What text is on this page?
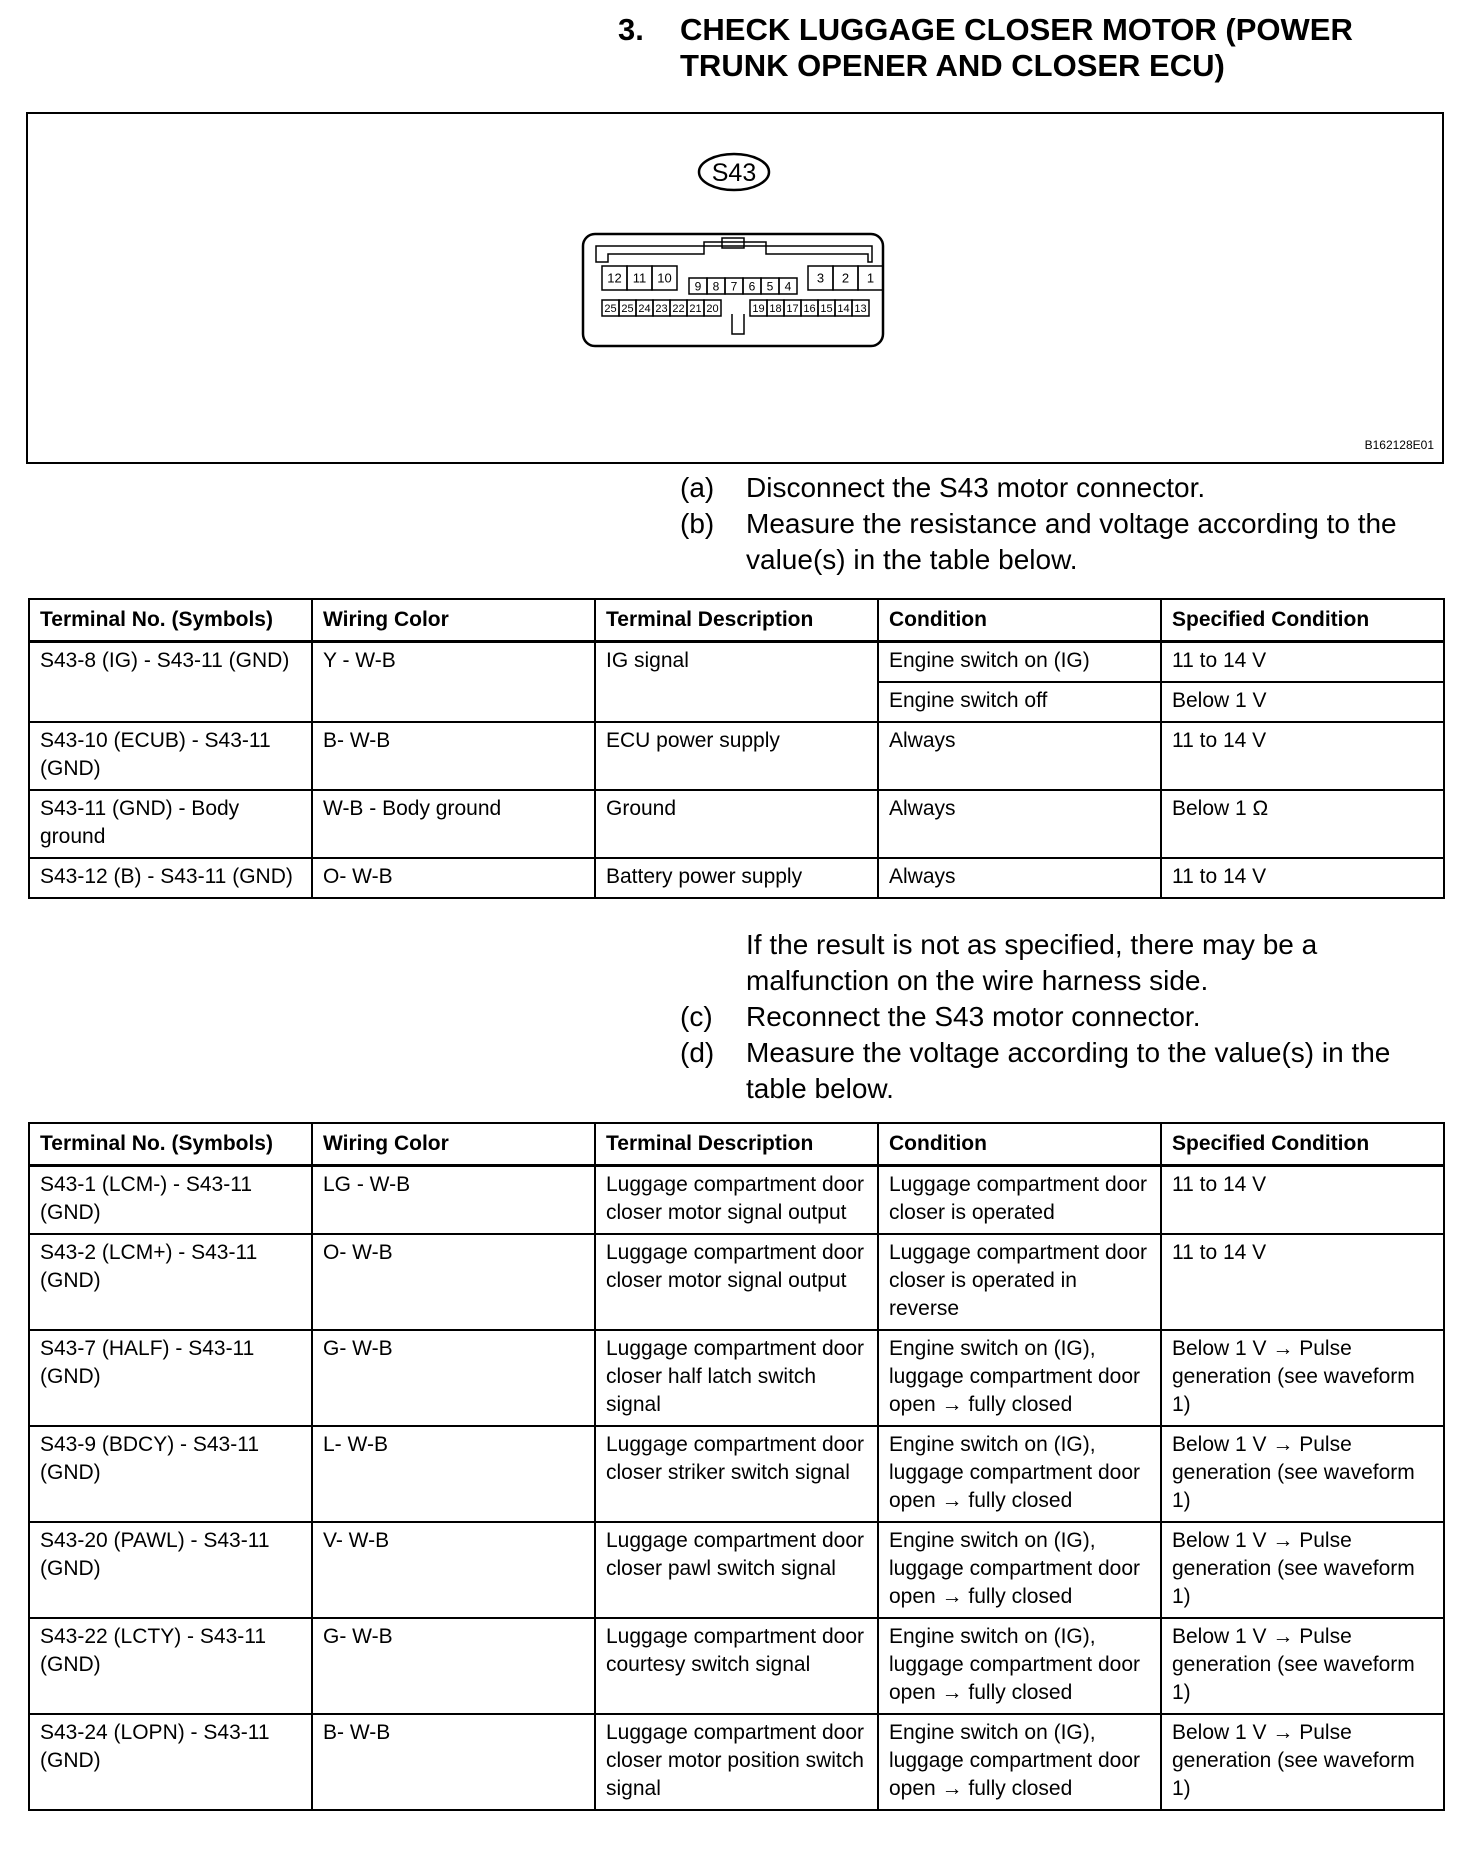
3. CHECK LUGGAGE CLOSER MOTOR (POWER TRUNK OPENER AND CLOSER ECU)
S43
12 11 10
9 8 7 6 5 4
3 2 1
25 25 24 23 22 21 20	19 18 17 16 15 14 13
B162128E01
(a) Disconnect the S43 motor connector.
(b) Measure the resistance and voltage according to the value(s) in the table below.
Terminal No. (Symbols)	Wiring Color	Terminal Description	Condition	Specified Condition
S43-8 (IG) - S43-11 (GND)	Y - W-B	IG signal	Engine switch on (IG)	11 to 14 V
			Engine switch off	Below 1 V
S43-10 (ECUB) - S43-11 (GND)	B- W-B	ECU power supply	Always	11 to 14 V
S43-11 (GND) - Body ground	W-B - Body ground	Ground	Always	Below 1 Ω
S43-12 (B) - S43-11 (GND)	O- W-B	Battery power supply	Always	11 to 14 V
If the result is not as specified, there may be a malfunction on the wire harness side.
(c) Reconnect the S43 motor connector.
(d) Measure the voltage according to the value(s) in the table below.
Terminal No. (Symbols)	Wiring Color	Terminal Description	Condition	Specified Condition
S43-1 (LCM-) - S43-11 (GND)	LG - W-B	Luggage compartment door closer motor signal output	Luggage compartment door closer is operated	11 to 14 V
S43-2 (LCM+) - S43-11 (GND)	O- W-B	Luggage compartment door closer motor signal output	Luggage compartment door closer is operated in reverse	11 to 14 V
S43-7 (HALF) - S43-11 (GND)	G- W-B	Luggage compartment door closer half latch switch signal	Engine switch on (IG), luggage compartment door open → fully closed	Below 1 V → Pulse generation (see waveform 1)
S43-9 (BDCY) - S43-11 (GND)	L- W-B	Luggage compartment door closer striker switch signal	Engine switch on (IG), luggage compartment door open → fully closed	Below 1 V → Pulse generation (see waveform 1)
S43-20 (PAWL) - S43-11 (GND)	V- W-B	Luggage compartment door closer pawl switch signal	Engine switch on (IG), luggage compartment door open → fully closed	Below 1 V → Pulse generation (see waveform 1)
S43-22 (LCTY) - S43-11 (GND)	G- W-B	Luggage compartment door courtesy switch signal	Engine switch on (IG), luggage compartment door open → fully closed	Below 1 V → Pulse generation (see waveform 1)
S43-24 (LOPN) - S43-11 (GND)	B- W-B	Luggage compartment door closer motor position switch signal	Engine switch on (IG), luggage compartment door open → fully closed	Below 1 V → Pulse generation (see waveform 1)
